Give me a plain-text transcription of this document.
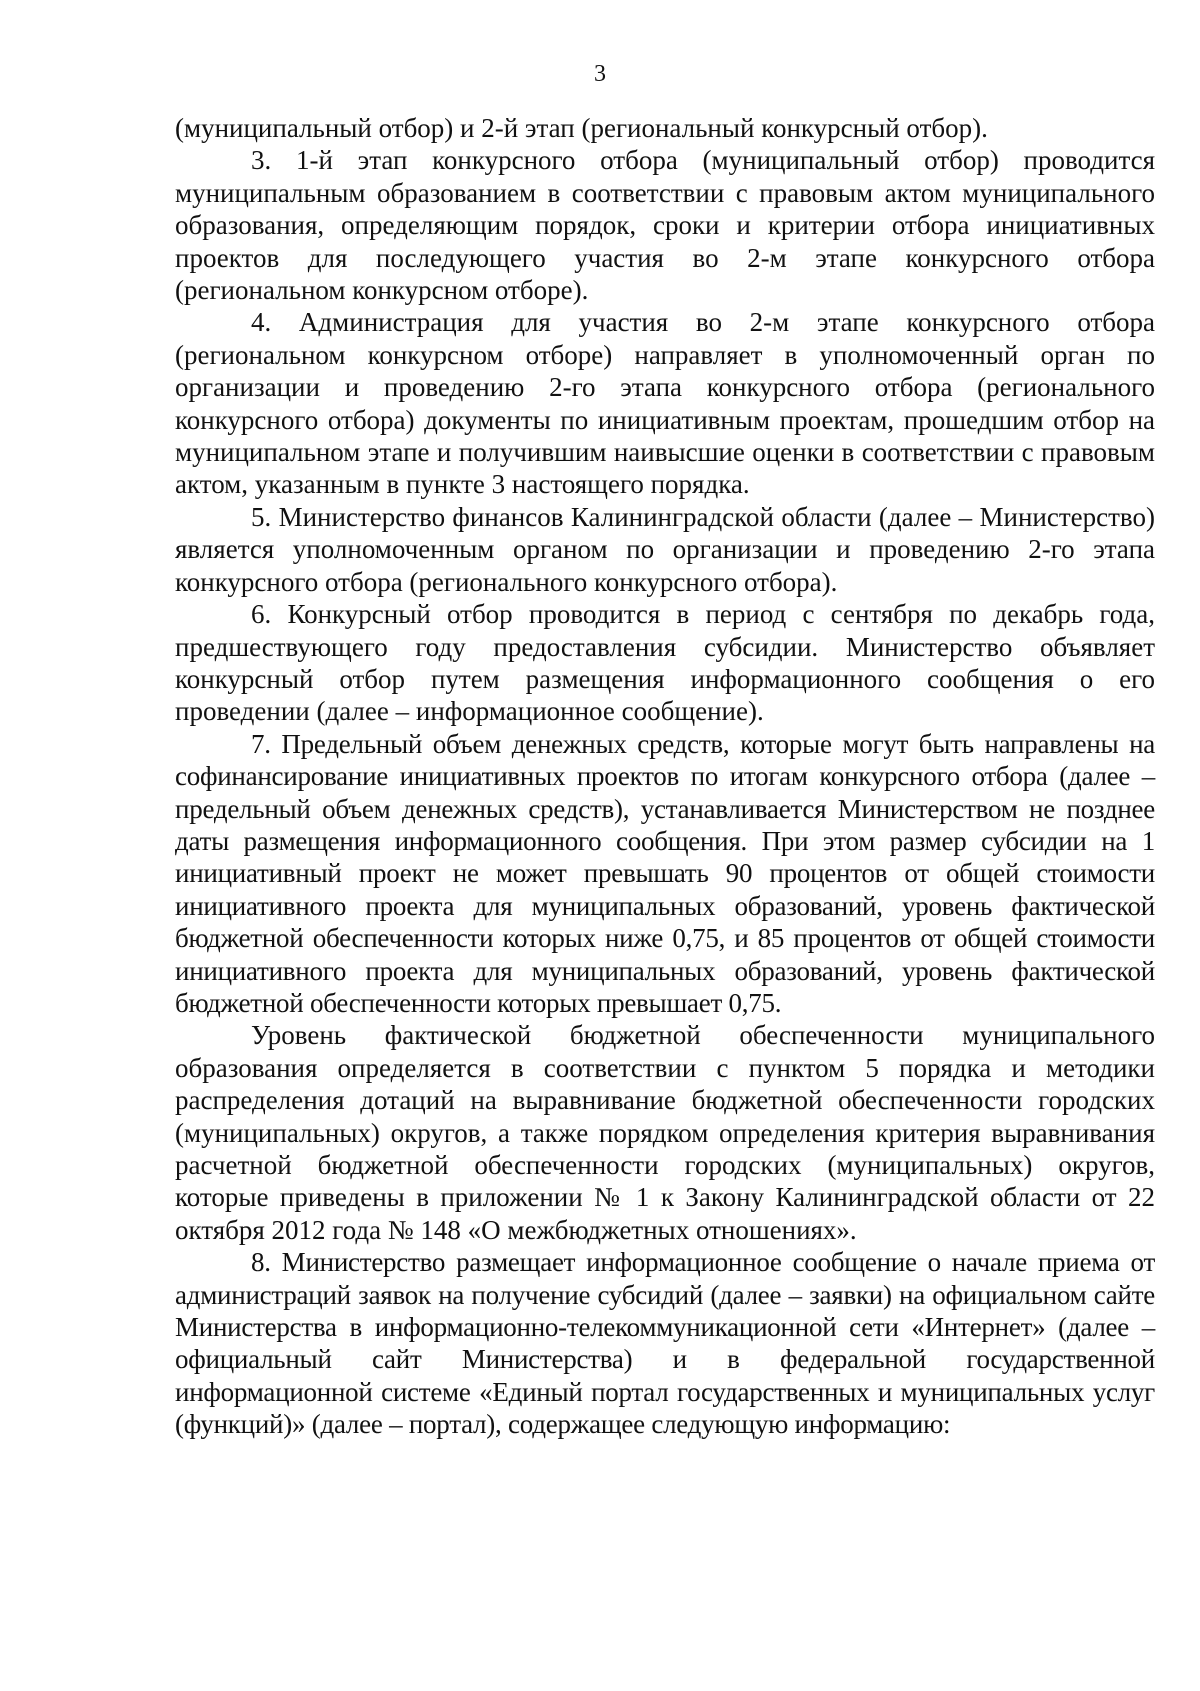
3

(муниципальный отбор) и 2-й этап (региональный конкурсный отбор).

3. 1-й этап конкурсного отбора (муниципальный отбор) проводится муниципальным образованием в соответствии с правовым актом муниципального образования, определяющим порядок, сроки и критерии отбора инициативных проектов для последующего участия во 2-м этапе конкурсного отбора (региональном конкурсном отборе).

4. Администрация для участия во 2-м этапе конкурсного отбора (региональном конкурсном отборе) направляет в уполномоченный орган по организации и проведению 2-го этапа конкурсного отбора (регионального конкурсного отбора) документы по инициативным проектам, прошедшим отбор на муниципальном этапе и получившим наивысшие оценки в соответствии с правовым актом, указанным в пункте 3 настоящего порядка.

5. Министерство финансов Калининградской области (далее – Министерство) является уполномоченным органом по организации и проведению 2-го этапа конкурсного отбора (регионального конкурсного отбора).

6. Конкурсный отбор проводится в период с сентября по декабрь года, предшествующего году предоставления субсидии. Министерство объявляет конкурсный отбор путем размещения информационного сообщения о его проведении (далее – информационное сообщение).

7. Предельный объем денежных средств, которые могут быть направлены на софинансирование инициативных проектов по итогам конкурсного отбора (далее – предельный объем денежных средств), устанавливается Министерством не позднее даты размещения информационного сообщения. При этом размер субсидии на 1 инициативный проект не может превышать 90 процентов от общей стоимости инициативного проекта для муниципальных образований, уровень фактической бюджетной обеспеченности которых ниже 0,75, и 85 процентов от общей стоимости инициативного проекта для муниципальных образований, уровень фактической бюджетной обеспеченности которых превышает 0,75.

Уровень фактической бюджетной обеспеченности муниципального образования определяется в соответствии с пунктом 5 порядка и методики распределения дотаций на выравнивание бюджетной обеспеченности городских (муниципальных) округов, а также порядком определения критерия выравнивания расчетной бюджетной обеспеченности городских (муниципальных) округов, которые приведены в приложении № 1 к Закону Калининградской области от 22 октября 2012 года № 148 «О межбюджетных отношениях».

8. Министерство размещает информационное сообщение о начале приема от администраций заявок на получение субсидий (далее – заявки) на официальном сайте Министерства в информационно-телекоммуникационной сети «Интернет» (далее – официальный сайт Министерства) и в федеральной государственной информационной системе «Единый портал государственных и муниципальных услуг (функций)» (далее – портал), содержащее следующую информацию:
